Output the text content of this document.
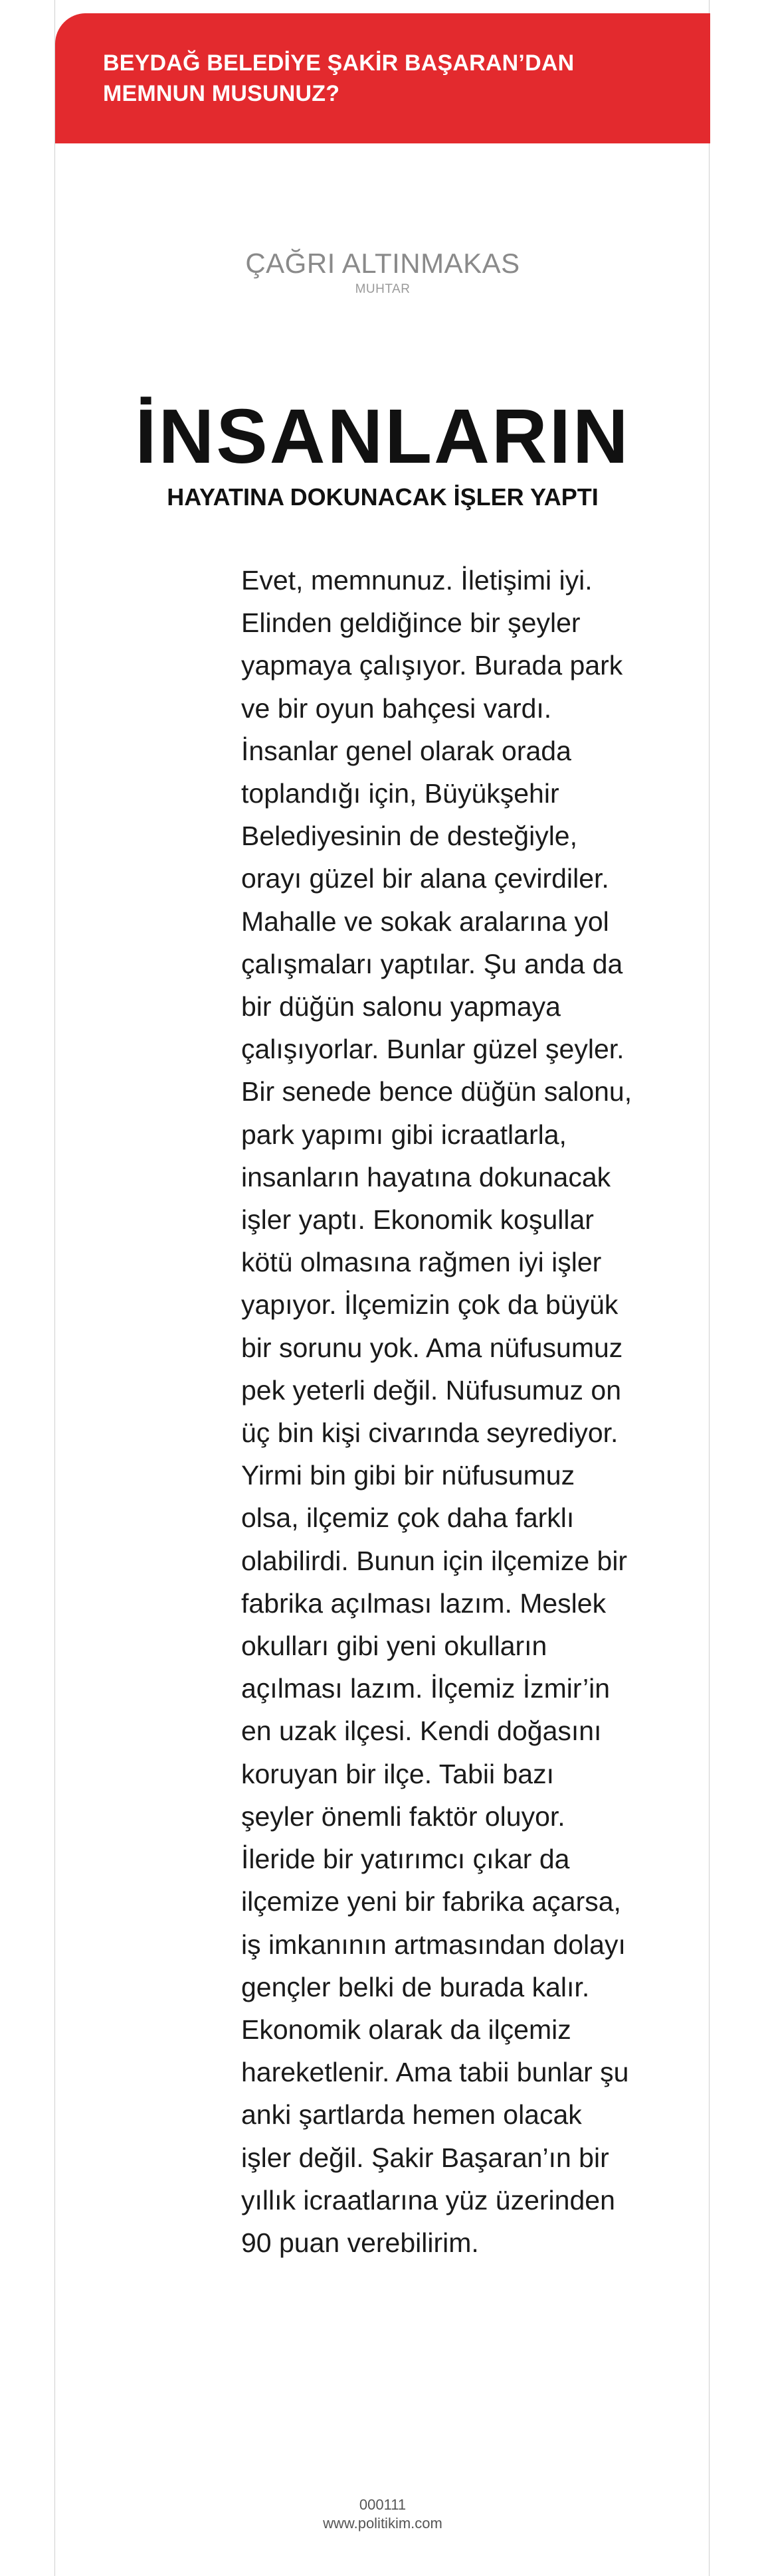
BEYDAĞ BELEDİYE ŞAKİR BAŞARAN’DAN
MEMNUN MUSUNUZ?
ÇAĞRI ALTINMAKAS
MUHTAR
İNSANLARIN
HAYATINA DOKUNACAK İŞLER YAPTI

Evet, memnunuz. İletişimi iyi.
Elinden geldiğince bir şeyler
yapmaya çalışıyor. Burada park
ve bir oyun bahçesi vardı.
İnsanlar genel olarak orada
toplandığı için, Büyükşehir
Belediyesinin de desteğiyle,
orayı güzel bir alana çevirdiler.
Mahalle ve sokak aralarına yol
çalışmaları yaptılar. Şu anda da
bir düğün salonu yapmaya
çalışıyorlar. Bunlar güzel şeyler.
Bir senede bence düğün salonu,
park yapımı gibi icraatlarla,
insanların hayatına dokunacak
işler yaptı. Ekonomik koşullar
kötü olmasına rağmen iyi işler
yapıyor. İlçemizin çok da büyük
bir sorunu yok. Ama nüfusumuz
pek yeterli değil. Nüfusumuz on
üç bin kişi civarında seyrediyor.
Yirmi bin gibi bir nüfusumuz
olsa, ilçemiz çok daha farklı
olabilirdi. Bunun için ilçemize bir
fabrika açılması lazım. Meslek
okulları gibi yeni okulların
açılması lazım. İlçemiz İzmir’in
en uzak ilçesi. Kendi doğasını
koruyan bir ilçe. Tabii bazı
şeyler önemli faktör oluyor.
İleride bir yatırımcı çıkar da
ilçemize yeni bir fabrika açarsa,
iş imkanının artmasından dolayı
gençler belki de burada kalır.
Ekonomik olarak da ilçemiz
hareketlenir. Ama tabii bunlar şu
anki şartlarda hemen olacak
işler değil. Şakir Başaran’ın bir
yıllık icraatlarına yüz üzerinden
90 puan verebilirim.

000111
www.politikim.com
